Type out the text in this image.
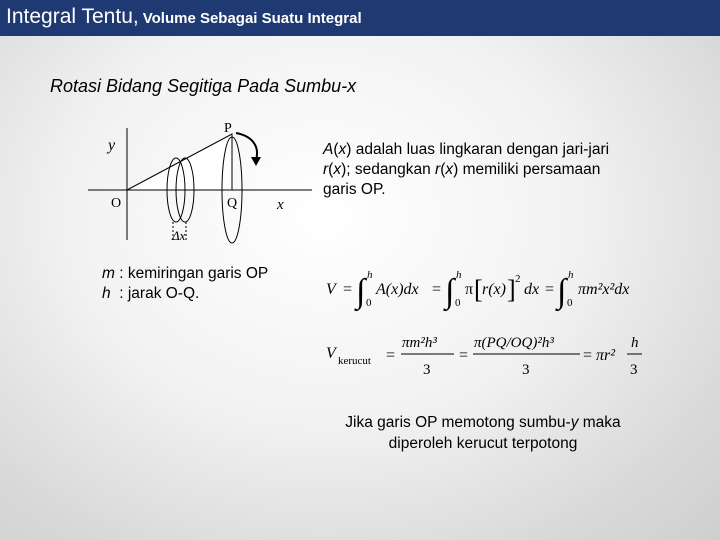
Integral Tentu, Volume Sebagai Suatu Integral
Rotasi Bidang Segitiga Pada Sumbu-x
P
y
O	Q	x
Δx
V = ∫ h
0
A(x)dx = ∫ h
0
π [ r(x) ] 2
dx = ∫ h
0
πm²x²dx
V kerucut =
πm²h³
3
=
π(PQ/OQ)²h³
3
= πr²
h
3
A(x) adalah luas lingkaran dengan jari-jari r(x); sedangkan r(x) memiliki persamaan garis OP.
m : kemiringan garis OP
h  : jarak O-Q.
Jika garis OP memotong sumbu-y maka
diperoleh kerucut terpotong
